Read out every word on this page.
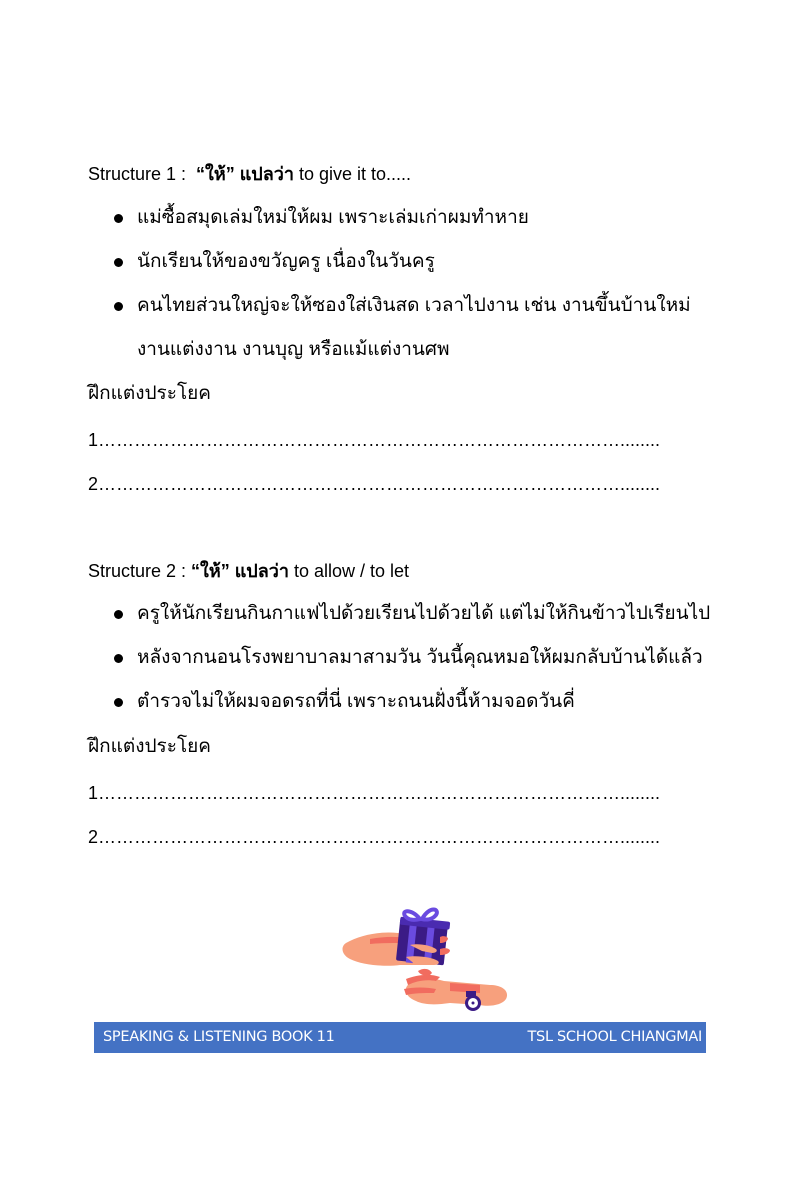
Structure 1 :  “ให้” แปลว่า to give it to.....
แม่ซื้อสมุดเล่มใหม่ให้ผม เพราะเล่มเก่าผมทำหาย
นักเรียนให้ของขวัญครู เนื่องในวันครู
คนไทยส่วนใหญ่จะให้ซองใส่เงินสด เวลาไปงาน เช่น งานขึ้นบ้านใหม่
งานแต่งงาน งานบุญ หรือแม้แต่งานศพ
ฝึกแต่งประโยค
1……………………………………………………………………………........
2……………………………………………………………………………........
Structure 2 : “ให้” แปลว่า to allow / to let
ครูให้นักเรียนกินกาแฟไปด้วยเรียนไปด้วยได้ แต่ไม่ให้กินข้าวไปเรียนไป
หลังจากนอนโรงพยาบาลมาสามวัน วันนี้คุณหมอให้ผมกลับบ้านได้แล้ว
ตำรวจไม่ให้ผมจอดรถที่นี่ เพราะถนนฝั่งนี้ห้ามจอดวันคี่
ฝึกแต่งประโยค
1……………………………………………………………………………........
2……………………………………………………………………………........
SPEAKING & LISTENING BOOK 11	TSL SCHOOL CHIANGMAI
